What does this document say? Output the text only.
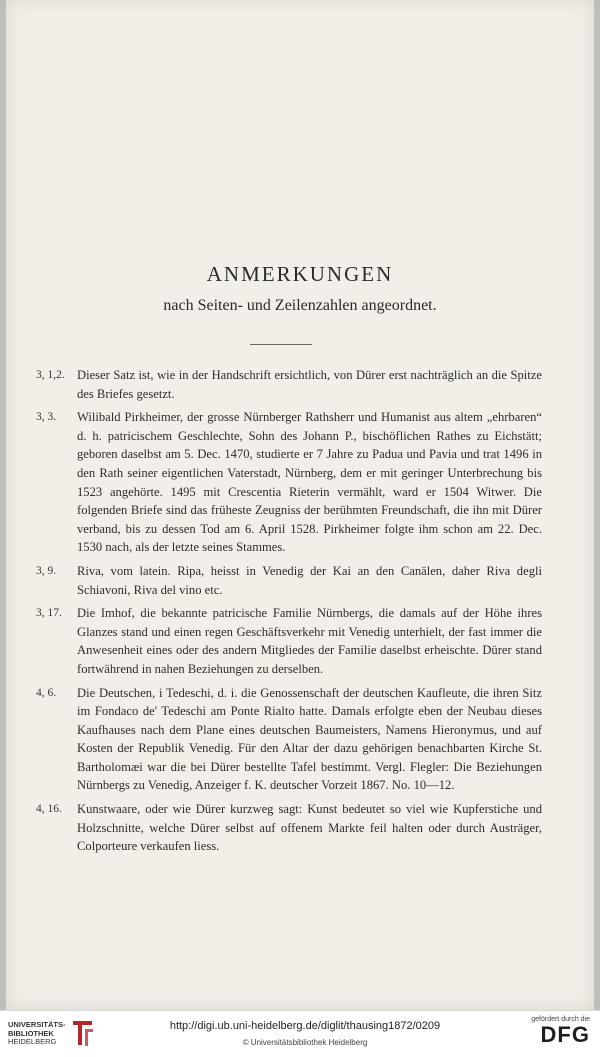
ANMERKUNGEN
nach Seiten- und Zeilenzahlen angeordnet.
3, 1,2. Dieser Satz ist, wie in der Handschrift ersichtlich, von Dürer erst nachträglich an die Spitze des Briefes gesetzt.
3, 3. Wilibald Pirkheimer, der grosse Nürnberger Rathsherr und Humanist aus altem „ehrbaren“ d. h. patricischem Geschlechte, Sohn des Johann P., bischöflichen Rathes zu Eichstätt; geboren daselbst am 5. Dec. 1470, studierte er 7 Jahre zu Padua und Pavia und trat 1496 in den Rath seiner eigentlichen Vaterstadt, Nürnberg, dem er mit geringer Unterbrechung bis 1523 angehörte. 1495 mit Crescentia Rieterin vermählt, ward er 1504 Witwer. Die folgenden Briefe sind das früheste Zeugniss der berühmten Freundschaft, die ihn mit Dürer verband, bis zu dessen Tod am 6. April 1528. Pirkheimer folgte ihm schon am 22. Dec. 1530 nach, als der letzte seines Stammes.
3, 9. Riva, vom latein. Ripa, heisst in Venedig der Kai an den Canälen, daher Riva degli Schiavoni, Riva del vino etc.
3, 17. Die Imhof, die bekannte patricische Familie Nürnbergs, die damals auf der Höhe ihres Glanzes stand und einen regen Geschäftsverkehr mit Venedig unterhielt, der fast immer die Anwesenheit eines oder des andern Mitgliedes der Familie daselbst erheischte. Dürer stand fortwährend in nahen Beziehungen zu derselben.
4, 6. Die Deutschen, i Tedeschi, d. i. die Genossenschaft der deutschen Kaufleute, die ihren Sitz im Fondaco de' Tedeschi am Ponte Rialto hatte. Damals erfolgte eben der Neubau dieses Kaufhauses nach dem Plane eines deutschen Baumeisters, Namens Hieronymus, und auf Kosten der Republik Venedig. Für den Altar der dazu gehörigen benachbarten Kirche St. Bartholomæi war die bei Dürer bestellte Tafel bestimmt. Vergl. Flegler: Die Beziehungen Nürnbergs zu Venedig, Anzeiger f. K. deutscher Vorzeit 1867. No. 10—12.
4, 16. Kunstwaare, oder wie Dürer kurzweg sagt: Kunst bedeutet so viel wie Kupferstiche und Holzschnitte, welche Dürer selbst auf offenem Markte feil halten oder durch Austräger, Colporteure verkaufen liess.
UNIVERSITÄTS-
BIBLIOTHEK
HEIDELBERG
http://digi.ub.uni-heidelberg.de/diglit/thausing1872/0209
© Universitätsbibliothek Heidelberg
gefördert durch die
DFG
